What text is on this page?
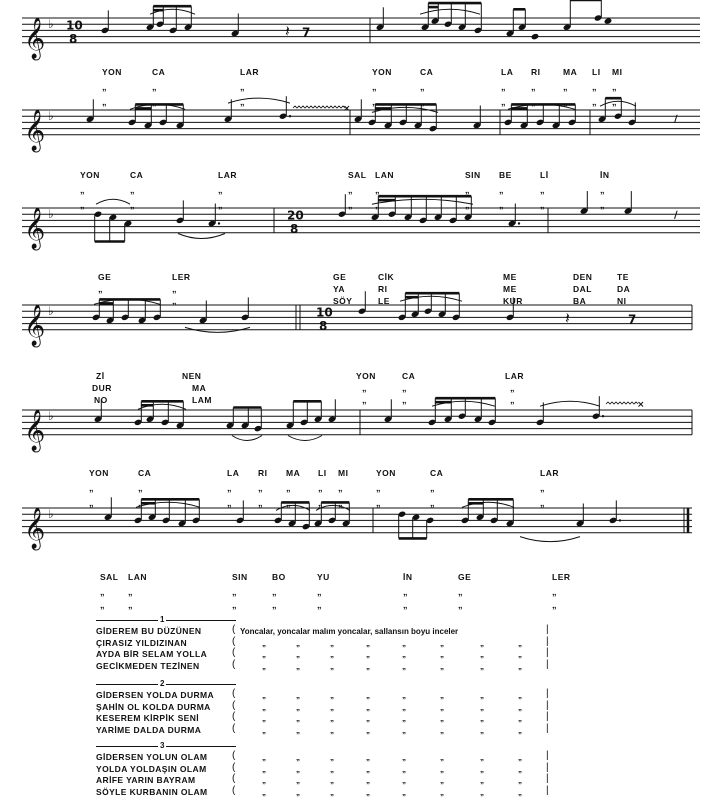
𝄞 ♭ 10
8	𝄽 7
𝄞 ♭
×
∕
𝄞 ♭	20
8
∕
𝄞 ♭	10
8	𝄽	7
𝄞 ♭
×
𝄞 ♭
YON	CA	LAR	YON	CA	LA RI	MA LI MI
„	„	„	„	„	„	„	„	„ „
„	„	„	„	„	„	„	„	„ „
YON	CA	LAR	SAL LAN	SIN BE	Lİ	İN
„	„	„	„ „	„	„	„	„
„	„	„	„ „	„	„	„	„
GE	LER	GE	CİK	ME	DEN	TE
„	„	YA	RI	ME	DAL	DA
„	„	SÖY	LE	KUR	BA	NI
Zİ	NEN	YON	CA	LAR
DUR	MA	„	„	„
NO	LAM	„	„	„
YON	CA	LA RI MA LI MI	YON	CA	LAR
„	„	„	„	„	„ „	„	„	„
„	„	„	„	„	„ „	„	„	„
SAL LAN	SIN	BO	YU	İN	GE	LER
„	„	„	„	„	„	„	„
„	„	„	„	„	„	„	„
1
GİDEREM BU DÜZÜNEN	(	|
Yoncalar, yoncalar malım yoncalar, sallansın boyu inceler
ÇIRASIZ YILDIZINAN	(	|
„	„	„	„	„	„	„	„
AYDA BİR SELAM YOLLA (	|
„	„	„	„	„	„	„	„
GECİKMEDEN TEZİNEN	(	|
„	„	„	„	„	„	„	„
2
GİDERSEN YOLDA DURMA (	|
„	„	„	„	„	„	„	„
ŞAHİN OL KOLDA DURMA (	|
„	„	„	„	„	„	„	„
KESEREM KİRPİK SENİ	(	|
„	„	„	„	„	„	„	„
YARİME DALDA DURMA	(	|
„	„	„	„	„	„	„	„
3
GİDERSEN YOLUN OLAM (	|
„	„	„	„	„	„	„	„
YOLDA YOLDAŞIN OLAM	(	|
„	„	„	„	„	„	„	„
ARİFE YARIN BAYRAM	(	|
„	„	„	„	„	„	„	„
SÖYLE KURBANIN OLAM (	|
„	„	„	„	„	„	„	„
